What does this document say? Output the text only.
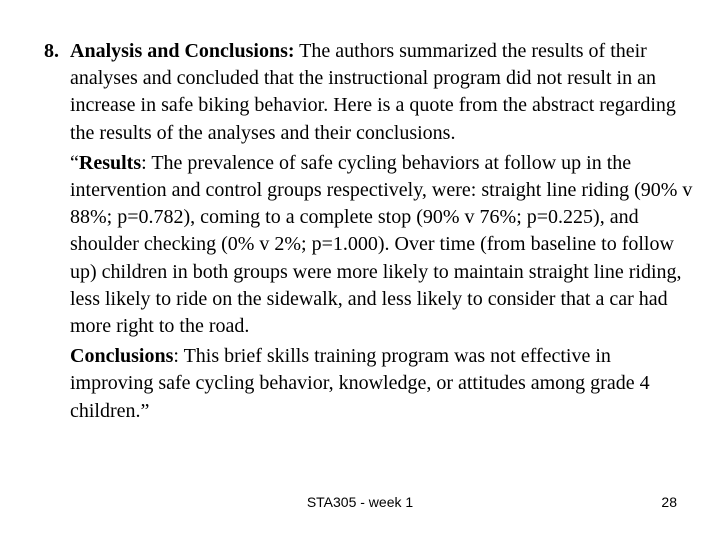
8. Analysis and Conclusions: The authors summarized the results of their analyses and concluded that the instructional program did not result in an increase in safe biking behavior. Here is a quote from the abstract regarding the results of the analyses and their conclusions.

“Results: The prevalence of safe cycling behaviors at follow up in the intervention and control groups respectively, were: straight line riding (90% v 88%; p=0.782), coming to a complete stop (90% v 76%; p=0.225), and shoulder checking (0% v 2%; p=1.000). Over time (from baseline to follow up) children in both groups were more likely to maintain straight line riding, less likely to ride on the sidewalk, and less likely to consider that a car had more right to the road.

Conclusions: This brief skills training program was not effective in improving safe cycling behavior, knowledge, or attitudes among grade 4 children.”

STA305 - week 1	28
